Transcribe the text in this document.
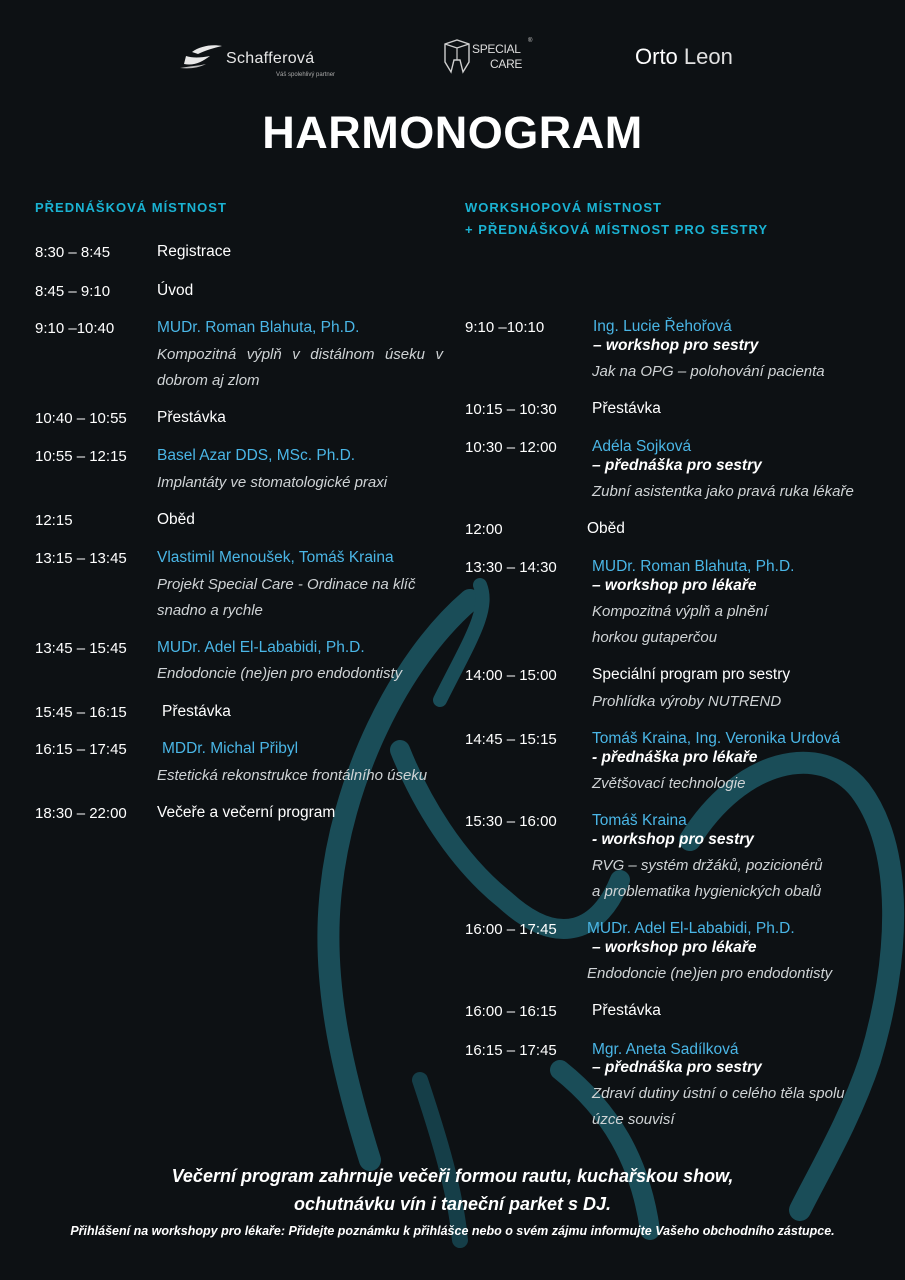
Schafferová
Váš spolehlivý partner
SPECIAL
CARE
®
Orto Leon
HARMONOGRAM
PŘEDNÁŠKOVÁ MÍSTNOST
8:30 – 8:45	Registrace
8:45 – 9:10	Úvod
9:10 –10:40	MUDr. Roman Blahuta, Ph.D.
Kompozitná výplň v distálnom úseku v dobrom aj zlom
10:40 – 10:55 Přestávka
10:55 – 12:15 Basel Azar DDS, MSc. Ph.D.
Implantáty ve stomatologické praxi
12:15	Oběd
13:15 – 13:45 Vlastimil Menoušek, Tomáš Kraina
Projekt Special Care - Ordinace na klíč snadno a rychle
13:45 – 15:45 MUDr. Adel El-Lababidi, Ph.D.
Endodoncie (ne)jen pro endodontisty
15:45 – 16:15 Přestávka
16:15 – 17:45 MDDr. Michal Přibyl
Estetická rekonstrukce frontálního úseku
18:30 – 22:00 Večeře a večerní program
WORKSHOPOVÁ MÍSTNOST
+ PŘEDNÁŠKOVÁ MÍSTNOST PRO SESTRY
9:10 –10:10	Ing. Lucie Řehořová
– workshop pro sestry
Jak na OPG – polohování pacienta
10:15 – 10:30 Přestávka
10:30 – 12:00 Adéla Sojková
– přednáška pro sestry
Zubní asistentka jako pravá ruka lékaře
12:00	Oběd
13:30 – 14:30 MUDr. Roman Blahuta, Ph.D.
– workshop pro lékaře
Kompozitná výplň a plnění
horkou gutaperčou
14:00 – 15:00 Speciální program pro sestry
Prohlídka výroby NUTREND
14:45 – 15:15 Tomáš Kraina, Ing. Veronika Urdová
- přednáška pro lékaře
Zvětšovací technologie
15:30 – 16:00 Tomáš Kraina
- workshop pro sestry
RVG – systém držáků, pozicionérů
a problematika hygienických obalů
16:00 – 17:45 MUDr. Adel El-Lababidi, Ph.D.
– workshop pro lékaře
Endodoncie (ne)jen pro endodontisty
16:00 – 16:15 Přestávka
16:15 – 17:45 Mgr. Aneta Sadílková
– přednáška pro sestry
Zdraví dutiny ústní o celého těla spolu
úzce souvisí
Večerní program zahrnuje večeři formou rautu, kuchařskou show,
ochutnávku vín i taneční parket s DJ.
Přihlášení na workshopy pro lékaře: Přidejte poznámku k přihlášce nebo o svém zájmu informujte Vašeho obchodního zástupce.
